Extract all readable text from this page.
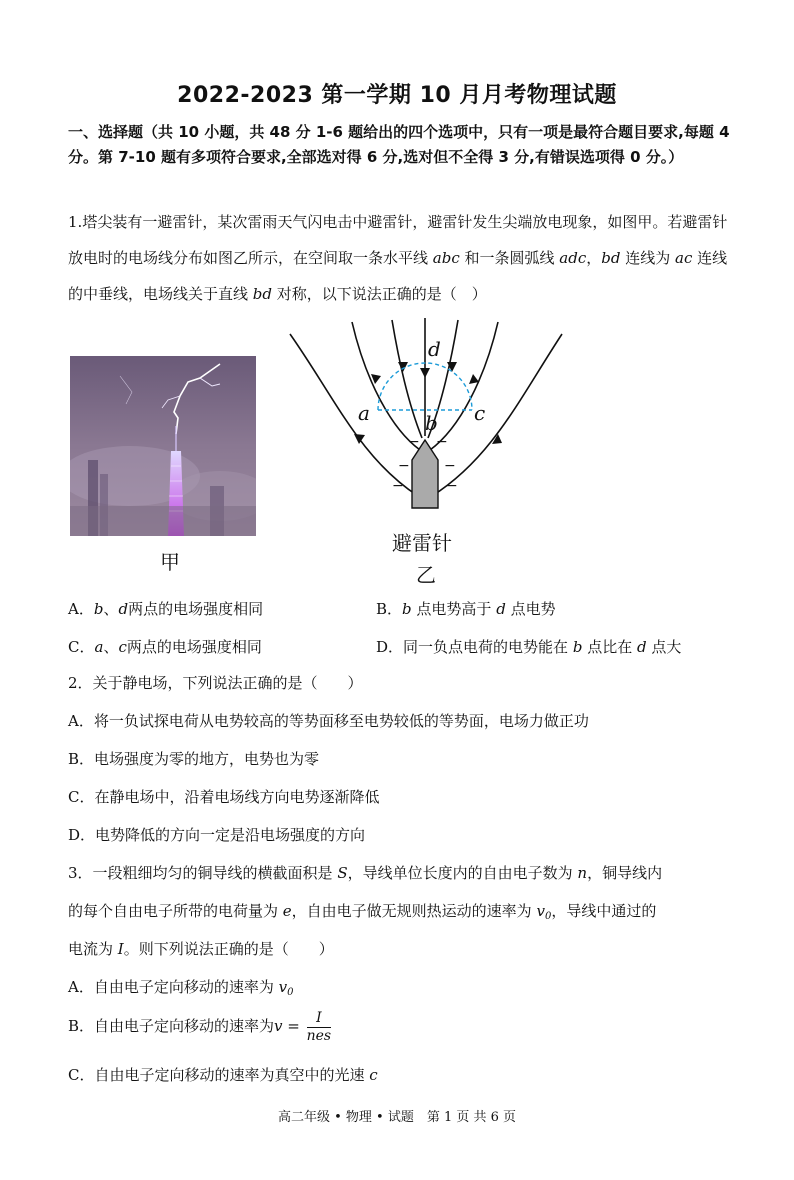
2022-2023 第一学期 10 月月考物理试题
一、选择题（共 10 小题，共 48 分 1-6 题给出的四个选项中，只有一项是最符合题目要求,每题 4 分。第 7-10 题有多项符合要求,全部选对得 6 分,选对但不全得 3 分,有错误选项得 0 分。）
1.塔尖装有一避雷针，某次雷雨天气闪电击中避雷针，避雷针发生尖端放电现象，如图甲。若避雷针放电时的电场线分布如图乙所示，在空间取一条水平线 abc 和一条圆弧线 adc，bd 连线为 ac 连线的中垂线，电场线关于直线 bd 对称，以下说法正确的是（　）
甲
d
a	b c
− −
− −
−	−
避雷针
乙
A．b、d两点的电场强度相同	B．b 点电势高于 d 点电势
C．a、c两点的电场强度相同	D．同一负点电荷的电势能在 b 点比在 d 点大
2．关于静电场，下列说法正确的是（　　）
A．将一负试探电荷从电势较高的等势面移至电势较低的等势面，电场力做正功
B．电场强度为零的地方，电势也为零
C．在静电场中，沿着电场线方向电势逐渐降低
D．电势降低的方向一定是沿电场强度的方向
3．一段粗细均匀的铜导线的横截面积是 S，导线单位长度内的自由电子数为 n，铜导线内
的每个自由电子所带的电荷量为 e，自由电子做无规则热运动的速率为 $v_0$，导线中通过的
电流为 I。则下列说法正确的是（　　）
A．自由电子定向移动的速率为 $v_0$
B．自由电子定向移动的速率为$v = \frac{I}{\text{nes}}$
C．自由电子定向移动的速率为真空中的光速 c
高二年级 • 物理 • 试题　第 1 页 共 6 页
